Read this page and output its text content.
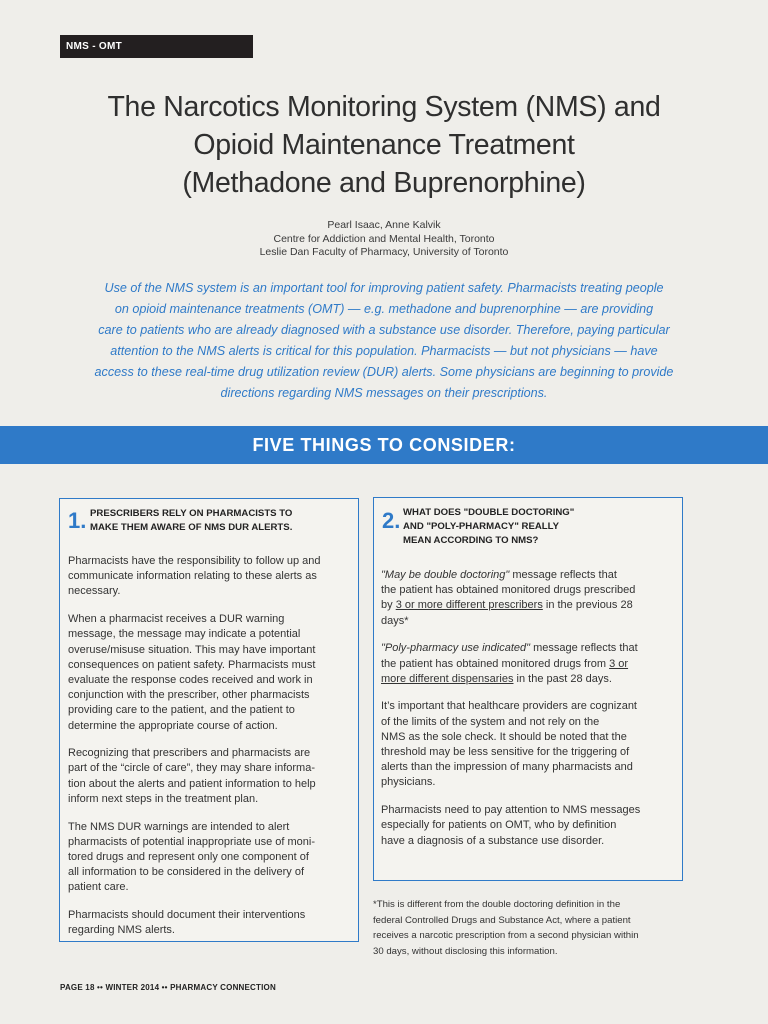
NMS - OMT
The Narcotics Monitoring System (NMS) and
Opioid Maintenance Treatment
(Methadone and Buprenorphine)
Pearl Isaac, Anne Kalvik
Centre for Addiction and Mental Health, Toronto
Leslie Dan Faculty of Pharmacy, University of Toronto
Use of the NMS system is an important tool for improving patient safety. Pharmacists treating people
on opioid maintenance treatments (OMT) — e.g. methadone and buprenorphine — are providing
care to patients who are already diagnosed with a substance use disorder. Therefore, paying particular
attention to the NMS alerts is critical for this population. Pharmacists — but not physicians — have
access to these real-time drug utilization review (DUR) alerts. Some physicians are beginning to provide
directions regarding NMS messages on their prescriptions.
FIVE THINGS TO CONSIDER:
1. PRESCRIBERS RELY ON PHARMACISTS TO
MAKE THEM AWARE OF NMS DUR ALERTS.

Pharmacists have the responsibility to follow up and
communicate information relating to these alerts as
necessary.

When a pharmacist receives a DUR warning
message, the message may indicate a potential
overuse/misuse situation. This may have important
consequences on patient safety. Pharmacists must
evaluate the response codes received and work in
conjunction with the prescriber, other pharmacists
providing care to the patient, and the patient to
determine the appropriate course of action.

Recognizing that prescribers and pharmacists are
part of the “circle of care”, they may share informa-
tion about the alerts and patient information to help
inform next steps in the treatment plan.

The NMS DUR warnings are intended to alert
pharmacists of potential inappropriate use of moni-
tored drugs and represent only one component of
all information to be considered in the delivery of
patient care.

Pharmacists should document their interventions
regarding NMS alerts.

2. WHAT DOES "DOUBLE DOCTORING"
AND "POLY-PHARMACY" REALLY
MEAN ACCORDING TO NMS?

"May be double doctoring" message reflects that
the patient has obtained monitored drugs prescribed
by 3 or more different prescribers in the previous 28
days*

"Poly-pharmacy use indicated" message reflects that
the patient has obtained monitored drugs from 3 or
more different dispensaries in the past 28 days.

It’s important that healthcare providers are cognizant
of the limits of the system and not rely on the
NMS as the sole check. It should be noted that the
threshold may be less sensitive for the triggering of
alerts than the impression of many pharmacists and
physicians.

Pharmacists need to pay attention to NMS messages
especially for patients on OMT, who by definition
have a diagnosis of a substance use disorder.

*This is different from the double doctoring definition in the
federal Controlled Drugs and Substance Act, where a patient
receives a narcotic prescription from a second physician within
30 days, without disclosing this information.
PAGE 18 •• WINTER 2014 •• PHARMACY CONNECTION
